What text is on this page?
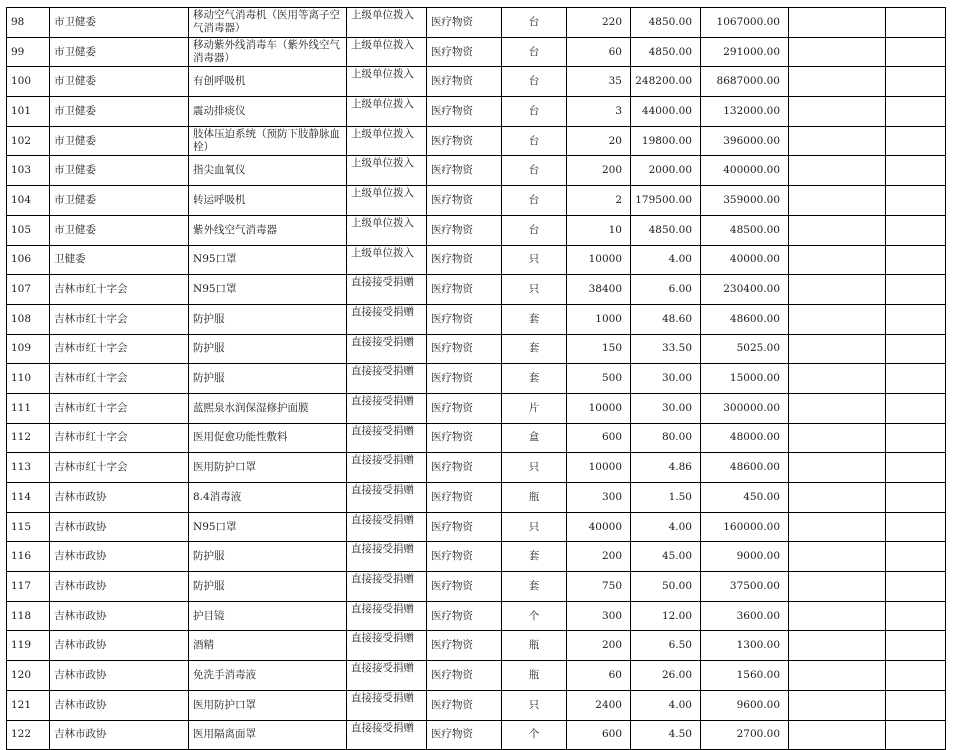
98	市卫健委	移动空气消毒机（医用等离子空气消毒器）	上级单位拨入	医疗物资	台	220	4850.00	1067000.00		
99	市卫健委	移动紫外线消毒车（紫外线空气消毒器）	上级单位拨入	医疗物资	台	60	4850.00	291000.00		
100	市卫健委	有创呼吸机	上级单位拨入	医疗物资	台	35	248200.00	8687000.00		
101	市卫健委	震动排痰仪	上级单位拨入	医疗物资	台	3	44000.00	132000.00		
102	市卫健委	肢体压迫系统（预防下肢静脉血栓）	上级单位拨入	医疗物资	台	20	19800.00	396000.00		
103	市卫健委	指尖血氧仪	上级单位拨入	医疗物资	台	200	2000.00	400000.00		
104	市卫健委	转运呼吸机	上级单位拨入	医疗物资	台	2	179500.00	359000.00		
105	市卫健委	紫外线空气消毒器	上级单位拨入	医疗物资	台	10	4850.00	48500.00		
106	卫健委	N95口罩	上级单位拨入	医疗物资	只	10000	4.00	40000.00		
107	吉林市红十字会	N95口罩	直接接受捐赠	医疗物资	只	38400	6.00	230400.00		
108	吉林市红十字会	防护服	直接接受捐赠	医疗物资	套	1000	48.60	48600.00		
109	吉林市红十字会	防护服	直接接受捐赠	医疗物资	套	150	33.50	5025.00		
110	吉林市红十字会	防护服	直接接受捐赠	医疗物资	套	500	30.00	15000.00		
111	吉林市红十字会	蓝熙泉水润保湿修护面膜	直接接受捐赠	医疗物资	片	10000	30.00	300000.00		
112	吉林市红十字会	医用促愈功能性敷料	直接接受捐赠	医疗物资	盒	600	80.00	48000.00		
113	吉林市红十字会	医用防护口罩	直接接受捐赠	医疗物资	只	10000	4.86	48600.00		
114	吉林市政协	8.4消毒液	直接接受捐赠	医疗物资	瓶	300	1.50	450.00		
115	吉林市政协	N95口罩	直接接受捐赠	医疗物资	只	40000	4.00	160000.00		
116	吉林市政协	防护服	直接接受捐赠	医疗物资	套	200	45.00	9000.00		
117	吉林市政协	防护服	直接接受捐赠	医疗物资	套	750	50.00	37500.00		
118	吉林市政协	护目镜	直接接受捐赠	医疗物资	个	300	12.00	3600.00		
119	吉林市政协	酒精	直接接受捐赠	医疗物资	瓶	200	6.50	1300.00		
120	吉林市政协	免洗手消毒液	直接接受捐赠	医疗物资	瓶	60	26.00	1560.00		
121	吉林市政协	医用防护口罩	直接接受捐赠	医疗物资	只	2400	4.00	9600.00		
122	吉林市政协	医用隔离面罩	直接接受捐赠	医疗物资	个	600	4.50	2700.00		
